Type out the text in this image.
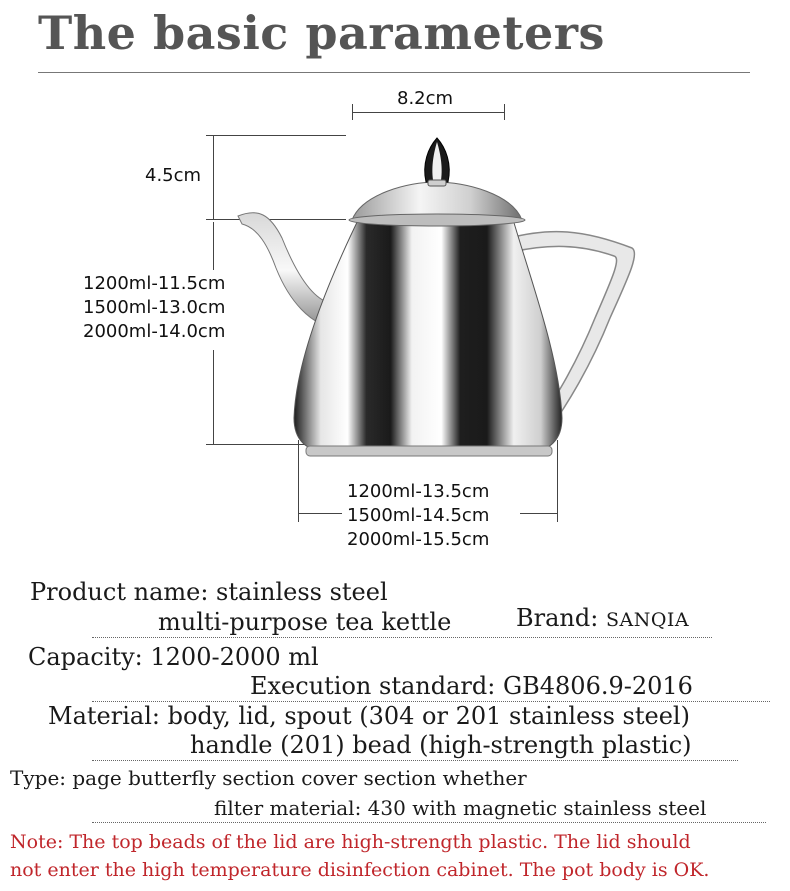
The basic parameters
8.2cm
4.5cm
1200ml-11.5cm
1500ml-13.0cm
2000ml-14.0cm
1200ml-13.5cm
1500ml-14.5cm
2000ml-15.5cm
Product name: stainless steel
multi-purpose tea kettle	Brand: SANQIA
Capacity: 1200-2000 ml
Execution standard: GB4806.9-2016
Material: body, lid, spout (304 or 201 stainless steel)
handle (201) bead (high-strength plastic)
Type: page butterfly section cover section whether
filter material: 430 with magnetic stainless steel
Note: The top beads of the lid are high-strength plastic. The lid should
not enter the high temperature disinfection cabinet. The pot body is OK.
